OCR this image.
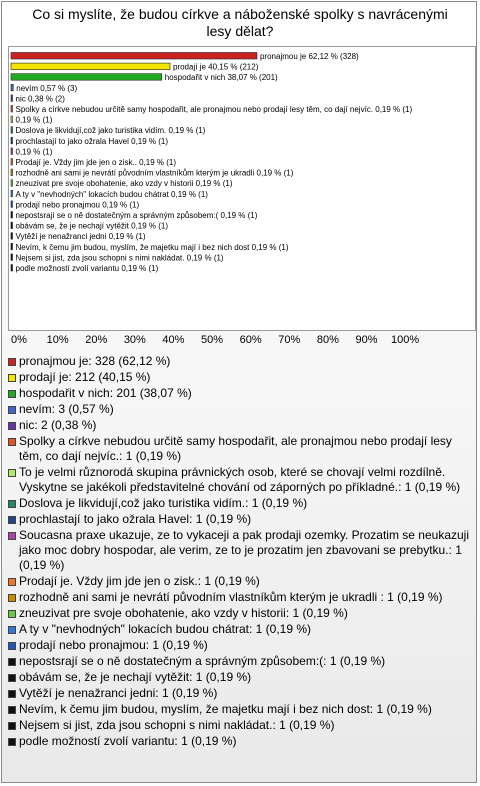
Co si myslíte, že budou církve a náboženské spolky s navrácenými
lesy dělat?
pronajmou je 62,12 % (328)
prodají je 40,15 % (212)
hospodařit v nich 38,07 % (201)
nevím 0,57 % (3)
nic 0,38 % (2)
Spolky a církve nebudou určitě samy hospodařit, ale pronajmou nebo prodají lesy těm, co dají nejvíc. 0,19 % (1)
0,19 % (1)
Doslova je likvidují,což jako turistika vidím. 0,19 % (1)
prochlastají to jako ožrala Havel 0,19 % (1)
0,19 % (1)
Prodají je. Vždy jim jde jen o zisk.. 0,19 % (1)
rozhodně ani sami je nevrátí původním vlastníkům kterým je ukradli 0,19 % (1)
zneuzivat pre svoje obohatenie, ako vzdy v historii 0,19 % (1)
A ty v "nevhodných" lokacích budou chátrat 0,19 % (1)
prodají nebo pronajmou 0,19 % (1)
nepostsrají se o ně dostatečným a správným způsobem:( 0,19 % (1)
obávám se, že je nechají vytěžit 0,19 % (1)
Vytěží je nenažranci jedni 0,19 % (1)
Nevím, k čemu jim budou, myslím, že majetku mají i bez nich dost 0,19 % (1)
Nejsem si jist, zda jsou schopni s nimi nakládat. 0,19 % (1)
podle možností zvolí variantu 0,19 % (1)
0% 10% 20% 30% 40% 50% 60% 70% 80% 90% 100%
pronajmou je: 328 (62,12 %)
prodají je: 212 (40,15 %)
hospodařit v nich: 201 (38,07 %)
nevím: 3 (0,57 %)
nic: 2 (0,38 %)
Spolky a církve nebudou určitě samy hospodařit, ale pronajmou nebo prodají lesy těm, co dají nejvíc.: 1 (0,19 %)
To je velmi různorodá skupina právnických osob, které se chovají velmi rozdílně. Vyskytne se jakékoli představitelné chování od záporných po příkladné.: 1 (0,19 %)
Doslova je likvidují,což jako turistika vidím.: 1 (0,19 %)
prochlastají to jako ožrala Havel: 1 (0,19 %)
Soucasna praxe ukazuje, ze to vykaceji a pak prodaji ozemky. Prozatim se neukazuji jako moc dobry hospodar, ale verim, ze to je prozatim jen zbavovani se prebytku.: 1 (0,19 %)
Prodají je. Vždy jim jde jen o zisk.: 1 (0,19 %)
rozhodně ani sami je nevrátí původním vlastníkům kterým je ukradli : 1 (0,19 %)
zneuzivat pre svoje obohatenie, ako vzdy v historii: 1 (0,19 %)
A ty v "nevhodných" lokacích budou chátrat: 1 (0,19 %)
prodají nebo pronajmou: 1 (0,19 %)
nepostsrají se o ně dostatečným a správným způsobem:(: 1 (0,19 %)
obávám se, že je nechají vytěžit: 1 (0,19 %)
Vytěží je nenažranci jedni: 1 (0,19 %)
Nevím, k čemu jim budou, myslím, že majetku mají i bez nich dost: 1 (0,19 %)
Nejsem si jist, zda jsou schopni s nimi nakládat.: 1 (0,19 %)
podle možností zvolí variantu: 1 (0,19 %)
